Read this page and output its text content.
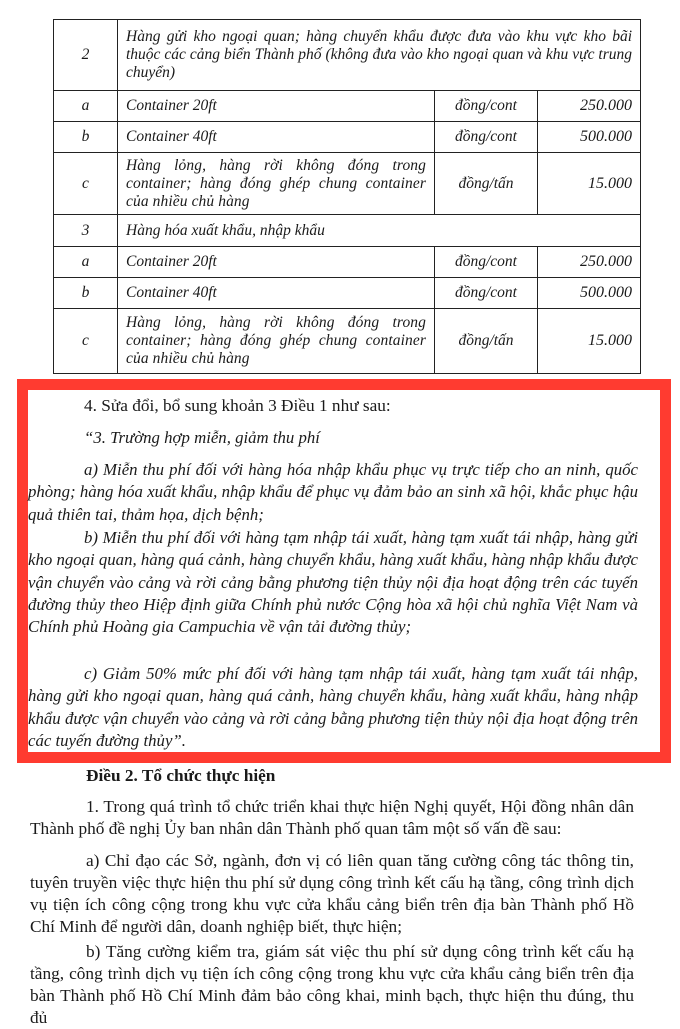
2	Hàng gửi kho ngoại quan; hàng chuyển khẩu được đưa vào khu vực kho bãi thuộc các cảng biển Thành phố (không đưa vào kho ngoại quan và khu vực trung chuyển)		
a	Container 20ft	đồng/cont	250.000
b	Container 40ft	đồng/cont	500.000
c	Hàng lỏng, hàng rời không đóng trong container; hàng đóng ghép chung container của nhiều chủ hàng	đồng/tấn	15.000
3	Hàng hóa xuất khẩu, nhập khẩu		
a	Container 20ft	đồng/cont	250.000
b	Container 40ft	đồng/cont	500.000
c	Hàng lỏng, hàng rời không đóng trong container; hàng đóng ghép chung container của nhiều chủ hàng	đồng/tấn	15.000

4. Sửa đổi, bổ sung khoản 3 Điều 1 như sau:

“3. Trường hợp miễn, giảm thu phí

a) Miễn thu phí đối với hàng hóa nhập khẩu phục vụ trực tiếp cho an ninh, quốc phòng; hàng hóa xuất khẩu, nhập khẩu để phục vụ đảm bảo an sinh xã hội, khắc phục hậu quả thiên tai, thảm họa, dịch bệnh;

b) Miễn thu phí đối với hàng tạm nhập tái xuất, hàng tạm xuất tái nhập, hàng gửi kho ngoại quan, hàng quá cảnh, hàng chuyển khẩu, hàng xuất khẩu, hàng nhập khẩu được vận chuyển vào cảng và rời cảng bằng phương tiện thủy nội địa hoạt động trên các tuyến đường thủy theo Hiệp định giữa Chính phủ nước Cộng hòa xã hội chủ nghĩa Việt Nam và Chính phủ Hoàng gia Campuchia về vận tải đường thủy;

c) Giảm 50% mức phí đối với hàng tạm nhập tái xuất, hàng tạm xuất tái nhập, hàng gửi kho ngoại quan, hàng quá cảnh, hàng chuyển khẩu, hàng xuất khẩu, hàng nhập khẩu được vận chuyển vào cảng và rời cảng bằng phương tiện thủy nội địa hoạt động trên các tuyến đường thủy”.

Điều 2. Tổ chức thực hiện

1. Trong quá trình tổ chức triển khai thực hiện Nghị quyết, Hội đồng nhân dân Thành phố đề nghị Ủy ban nhân dân Thành phố quan tâm một số vấn đề sau:

a) Chỉ đạo các Sở, ngành, đơn vị có liên quan tăng cường công tác thông tin, tuyên truyền việc thực hiện thu phí sử dụng công trình kết cấu hạ tầng, công trình dịch vụ tiện ích công cộng trong khu vực cửa khẩu cảng biển trên địa bàn Thành phố Hồ Chí Minh để người dân, doanh nghiệp biết, thực hiện;

b) Tăng cường kiểm tra, giám sát việc thu phí sử dụng công trình kết cấu hạ tầng, công trình dịch vụ tiện ích công cộng trong khu vực cửa khẩu cảng biển trên địa bàn Thành phố Hồ Chí Minh đảm bảo công khai, minh bạch, thực hiện thu đúng, thu đủ
